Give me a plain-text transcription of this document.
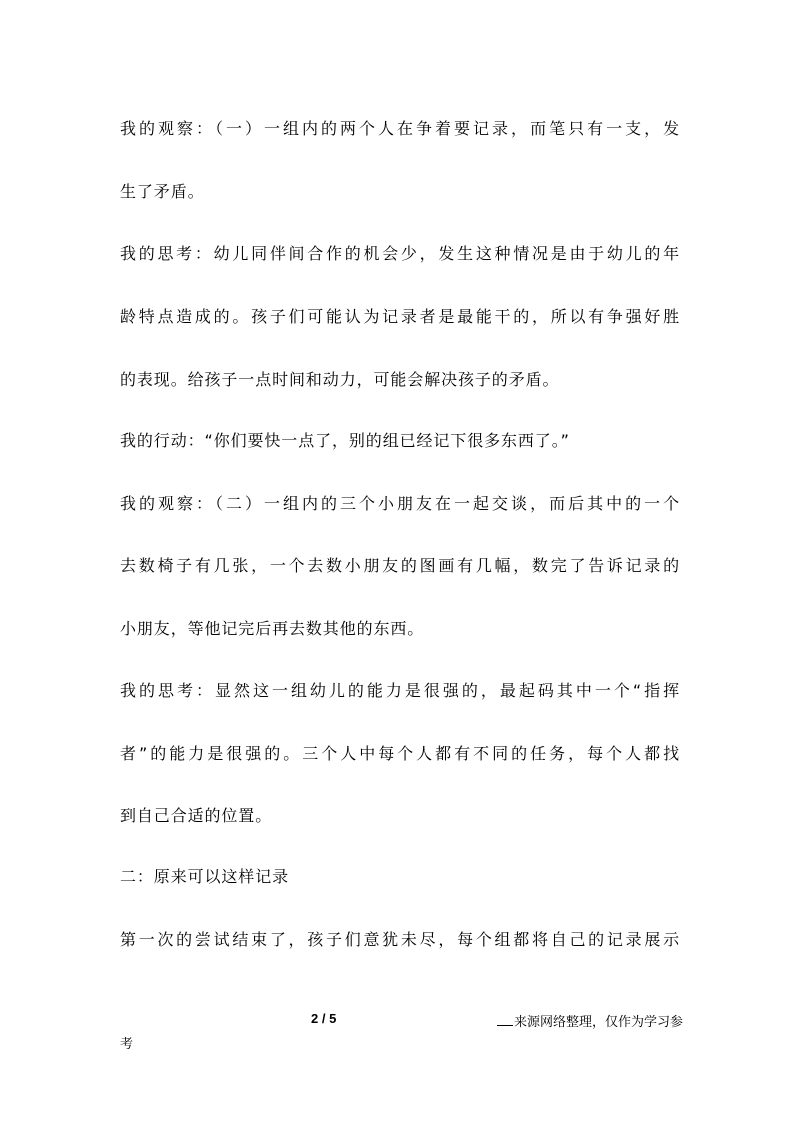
我的观察：（一）一组内的两个人在争着要记录，而笔只有一支，发
生了矛盾。
我的思考：幼儿同伴间合作的机会少，发生这种情况是由于幼儿的年
龄特点造成的。孩子们可能认为记录者是最能干的，所以有争强好胜
的表现。给孩子一点时间和动力，可能会解决孩子的矛盾。
我的行动：“你们要快一点了，别的组已经记下很多东西了。”
我的观察：（二）一组内的三个小朋友在一起交谈，而后其中的一个
去数椅子有几张，一个去数小朋友的图画有几幅，数完了告诉记录的
小朋友，等他记完后再去数其他的东西。
我的思考：显然这一组幼儿的能力是很强的，最起码其中一个“指挥
者”的能力是很强的。三个人中每个人都有不同的任务，每个人都找
到自己合适的位置。
二：原来可以这样记录
第一次的尝试结束了，孩子们意犹未尽，每个组都将自己的记录展示
2 / 5	来源网络整理，仅作为学习参
考
